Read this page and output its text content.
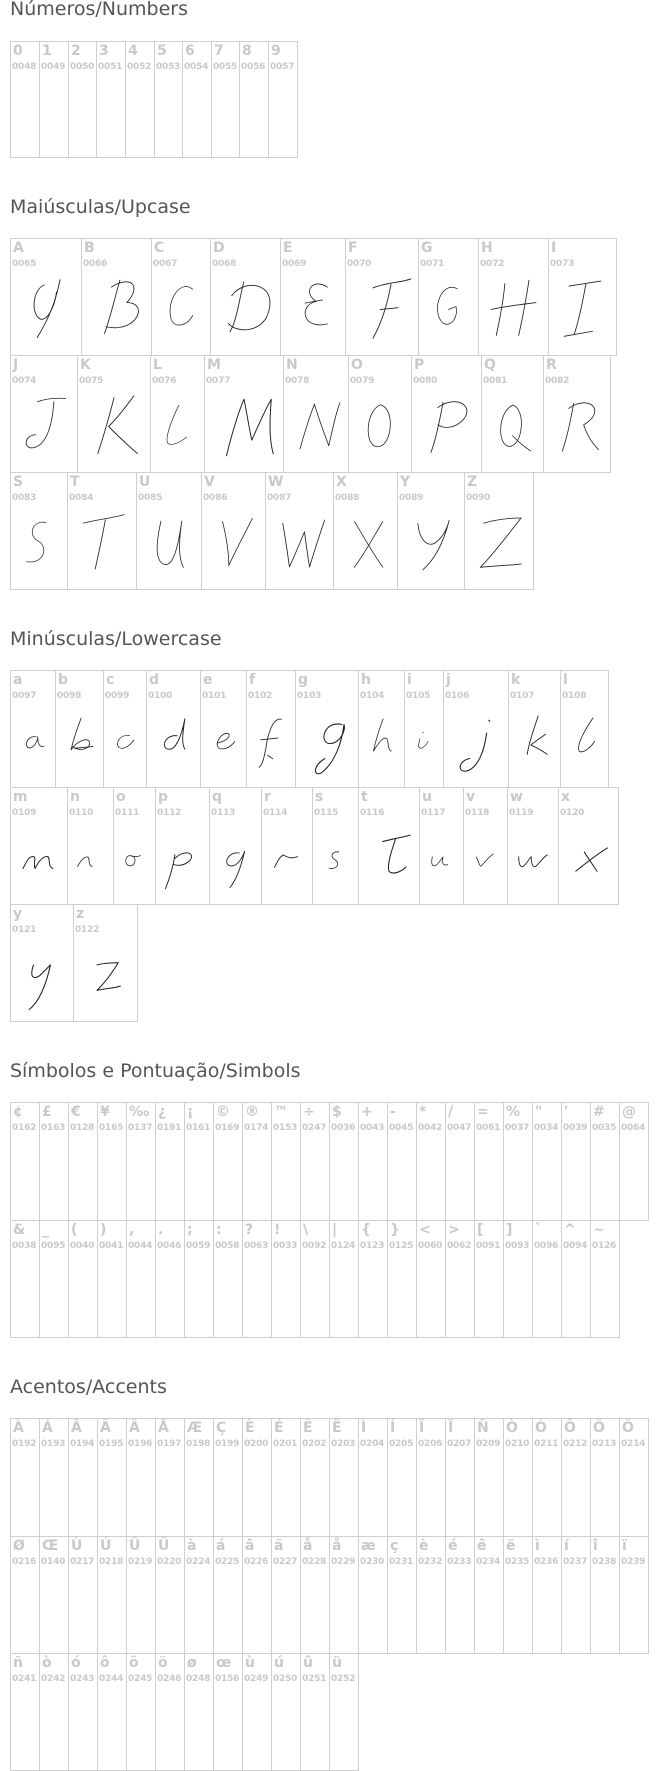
Números/Numbers
0
0048
1
0049
2
0050
3
0051
4
0052
5
0053
6
0054
7
0055
8
0056
9
0057
Maiúsculas/Upcase
A
0065
B
0066
C
0067
D
0068
E
0069
F
0070
G
0071
H
0072
I
0073
J
0074
K
0075
L
0076
M
0077
N
0078
O
0079
P
0080
Q
0081
R
0082
S
0083
T
0084
U
0085
V
0086
W
0087
X
0088
Y
0089
Z
0090
Minúsculas/Lowercase
a
0097
b
0098
c
0099
d
0100
e
0101
f
0102
g
0103
h
0104
i
0105
j
0106
k
0107
l
0108
m
0109
n
0110
o
0111
p
0112
q
0113
r
0114
s
0115
t
0116
u
0117
v
0118
w
0119
x
0120
y
0121
z
0122
Símbolos e Pontuação/Simbols
¢
0162
£
0163
€
0128
¥
0165
‰
0137
¿
0191
¡
0161
©
0169
®
0174
™
0153
÷
0247
$
0036
+
0043
-
0045
*
0042
/
0047
=
0061
%
0037
"
0034
'
0039
#
0035
@
0064
&
0038
_
0095
(
0040
)
0041
,
0044
.
0046
;
0059
:
0058
?
0063
!
0033
\
0092
|
0124
{
0123
}
0125
<
0060
>
0062
[
0091
]
0093
`
0096
^
0094
~
0126
Acentos/Accents
À
0192
Á
0193
Â
0194
Ã
0195
Ä
0196
Å
0197
Æ
0198
Ç
0199
È
0200
É
0201
Ê
0202
Ë
0203
Ì
0204
Í
0205
Î
0206
Ï
0207
Ñ
0209
Ò
0210
Ó
0211
Ô
0212
Õ
0213
Ö
0214
Ø
0216
Œ
0140
Ù
0217
Ú
0218
Û
0219
Ü
0220
à
0224
á
0225
â
0226
ã
0227
å
0228
å
0229
æ
0230
ç
0231
è
0232
é
0233
ê
0234
ë
0235
ì
0236
í
0237
î
0238
ï
0239
ñ
0241
ò
0242
ó
0243
ô
0244
õ
0245
ö
0246
ø
0248
œ
0156
ù
0249
ú
0250
û
0251
ü
0252
